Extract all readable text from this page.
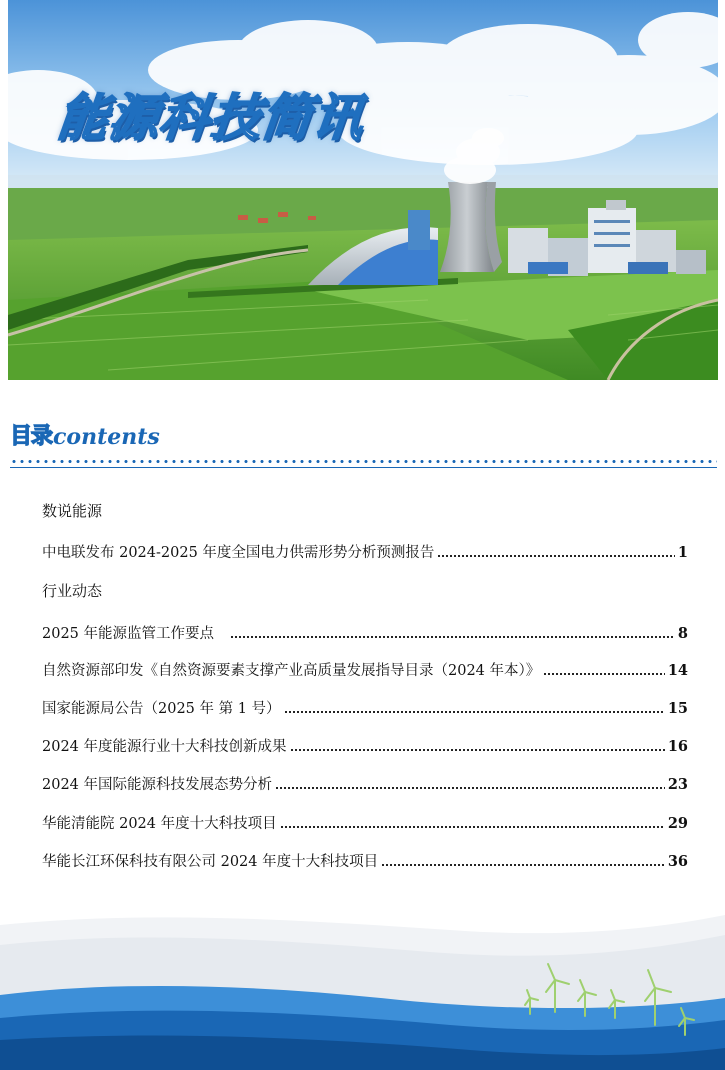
能源科技简讯
目录 contents
数说能源
中电联发布 2024-2025 年度全国电力供需形势分析预测报告	1
行业动态
2025 年能源监管工作要点	8
自然资源部印发《自然资源要素支撑产业高质量发展指导目录（2024 年本）》	14
国家能源局公告（2025 年 第 1 号）	15
2024 年度能源行业十大科技创新成果	16
2024 年国际能源科技发展态势分析	23
华能清能院 2024 年度十大科技项目	29
华能长江环保科技有限公司 2024 年度十大科技项目	36
